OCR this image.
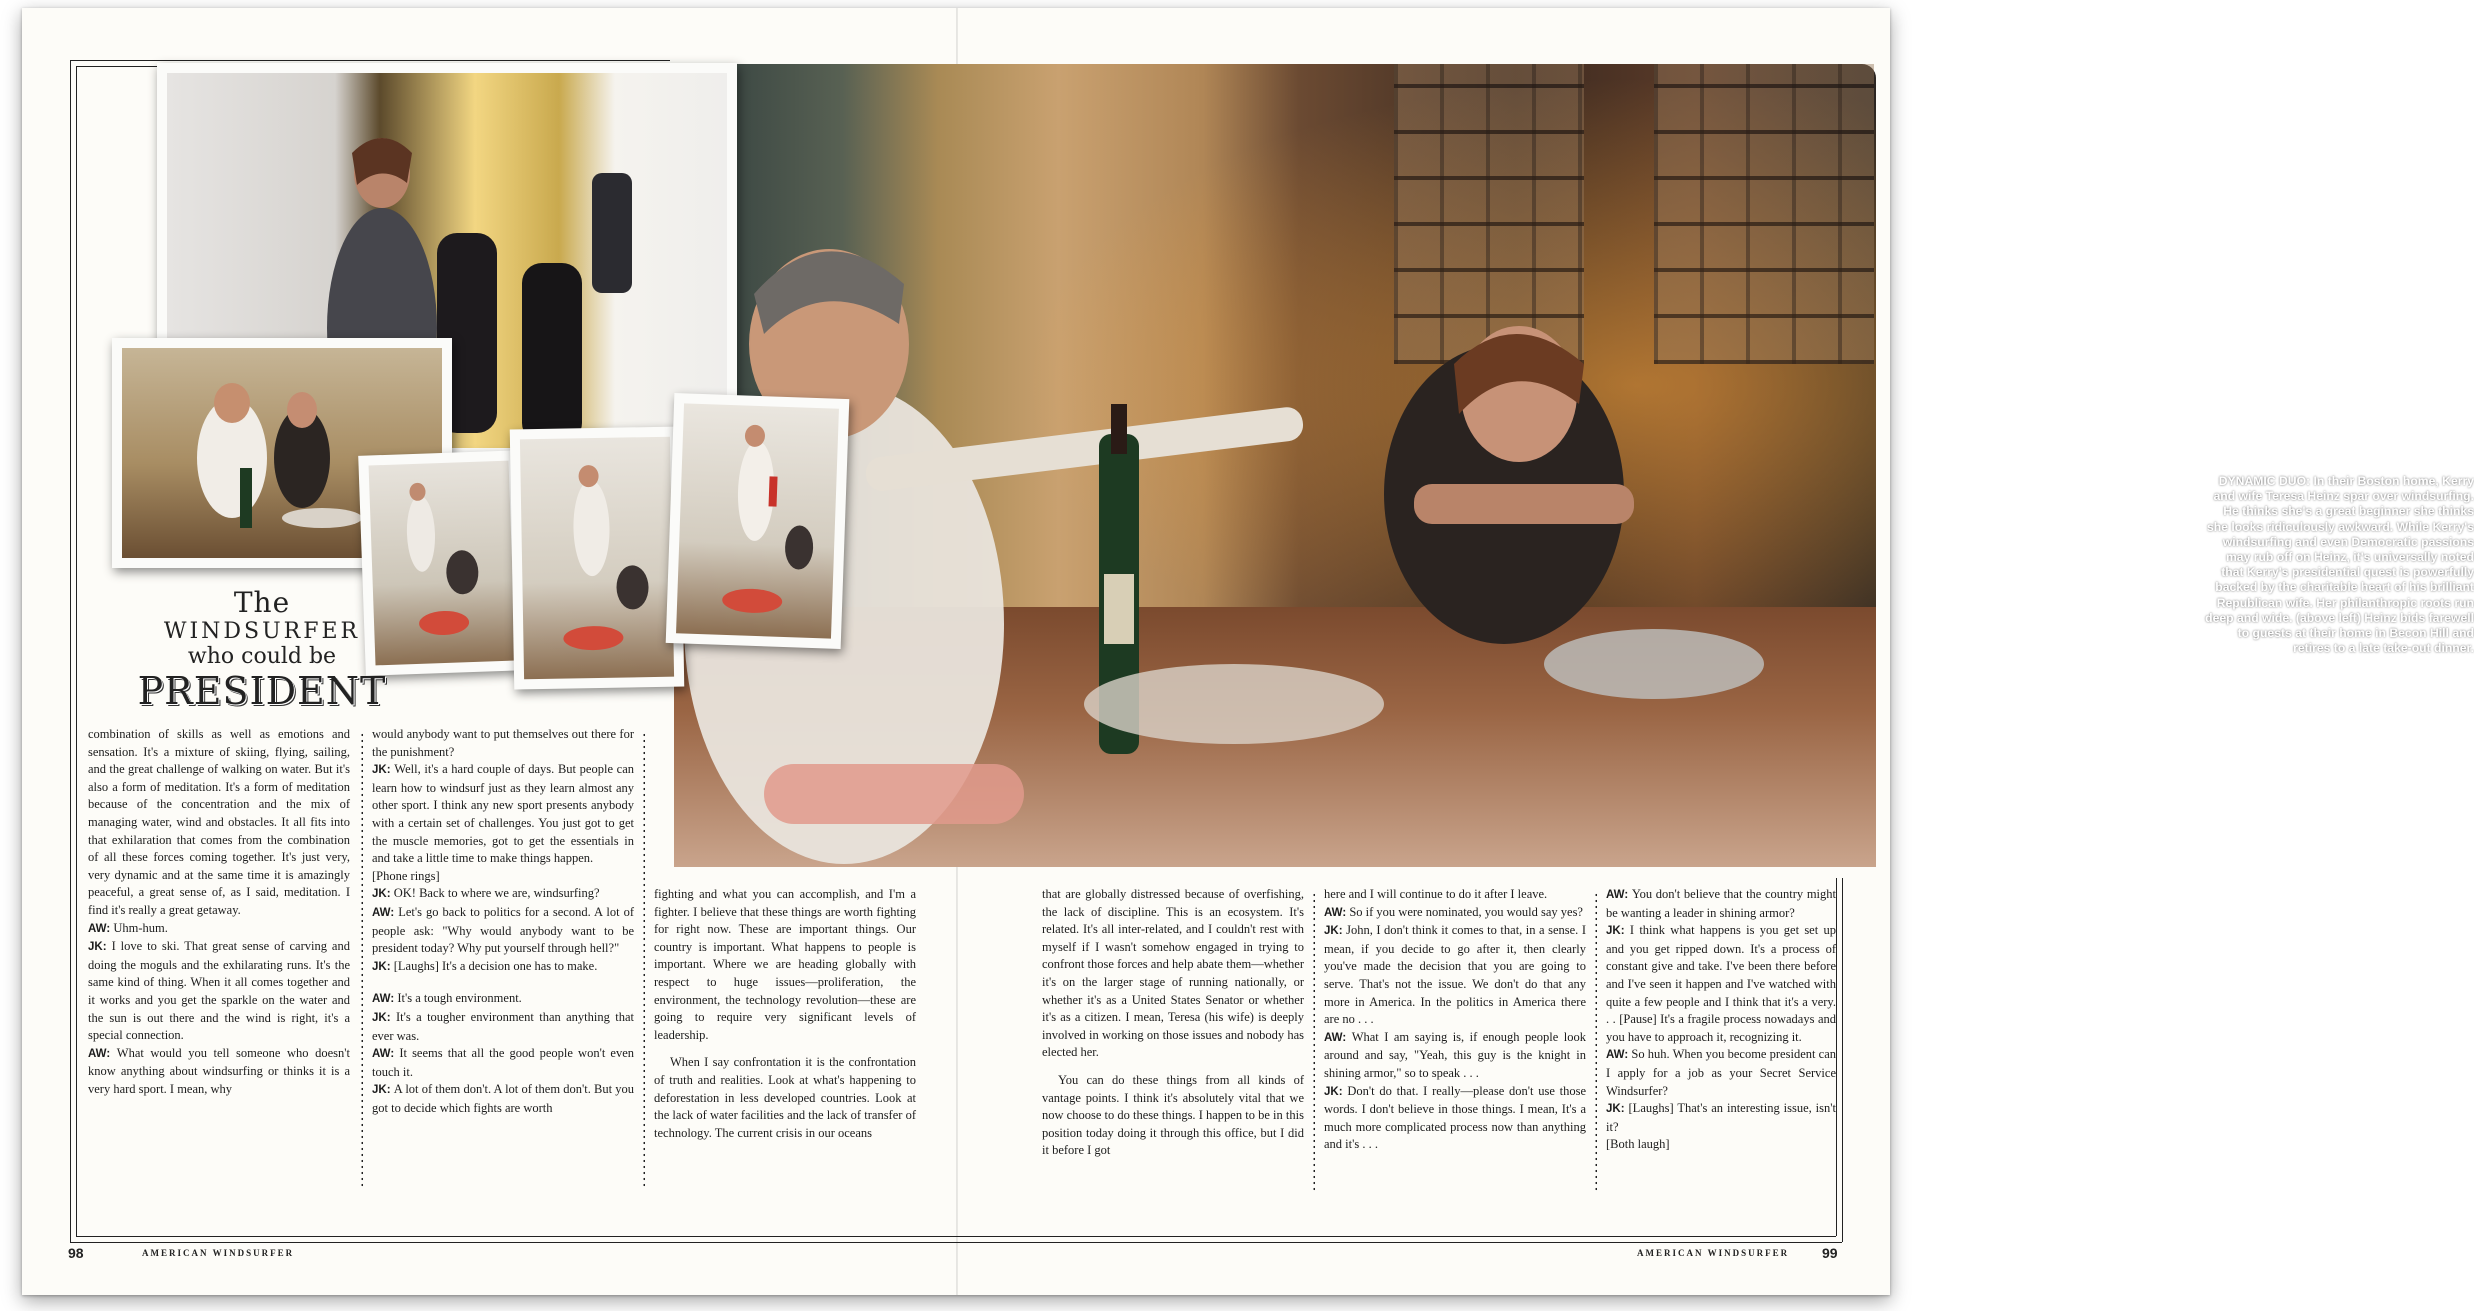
DYNAMIC DUO: In their Boston home, Kerry and wife Teresa Heinz spar over windsurfing. He thinks she's a great beginner she thinks she looks ridiculously awkward. While Kerry's windsurfing and even Democratic passions may rub off on Heinz, it's universally noted that Kerry's presidential quest is powerfully backed by the charitable heart of his brilliant Republican wife. Her philanthropic roots run deep and wide. (above left) Heinz bids farewell to guests at their home in Becon Hill and retires to a late take-out dinner.
The
WINDSURFER
who could be
PRESIDENT

combination of skills as well as emotions and sensation. It's a mixture of skiing, flying, sailing, and the great challenge of walking on water. But it's also a form of meditation. It's a form of meditation because of the concentration and the mix of managing water, wind and obstacles. It all fits into that exhilaration that comes from the combination of all these forces coming together. It's just very, very dynamic and at the same time it is amazingly peaceful, a great sense of, as I said, meditation. I find it's really a great getaway.

AW: Uhm-hum.

JK: I love to ski. That great sense of carving and doing the moguls and the exhilarating runs. It's the same kind of thing. When it all comes together and it works and you get the sparkle on the water and the sun is out there and the wind is right, it's a special connection.

AW: What would you tell someone who doesn't know anything about windsurfing or thinks it is a very hard sport. I mean, why

would anybody want to put themselves out there for the punishment?

JK: Well, it's a hard couple of days. But people can learn how to windsurf just as they learn almost any other sport. I think any new sport presents anybody with a certain set of challenges. You just got to get the muscle memories, got to get the essentials in and take a little time to make things happen.

[Phone rings]

JK: OK! Back to where we are, windsurfing?

AW: Let's go back to politics for a second. A lot of people ask: "Why would anybody want to be president today? Why put yourself through hell?"

JK: [Laughs] It's a decision one has to make.

AW: It's a tough environment.

JK: It's a tougher environment than anything that ever was.

AW: It seems that all the good people won't even touch it.

JK: A lot of them don't. A lot of them don't. But you got to decide which fights are worth

fighting and what you can accomplish, and I'm a fighter. I believe that these things are worth fighting for right now. These are important things. Our country is important. What happens to people is important. Where we are heading globally with respect to huge issues—proliferation, the environment, the technology revolution—these are going to require very significant levels of leadership.

When I say confrontation it is the confrontation of truth and realities. Look at what's happening to deforestation in less developed countries. Look at the lack of water facilities and the lack of transfer of technology. The current crisis in our oceans

that are globally distressed because of overfishing, the lack of discipline. This is an ecosystem. It's related. It's all inter-related, and I couldn't rest with myself if I wasn't somehow engaged in trying to confront those forces and help abate them—whether it's on the larger stage of running nationally, or whether it's as a United States Senator or whether it's as a citizen. I mean, Teresa (his wife) is deeply involved in working on those issues and nobody has elected her.

You can do these things from all kinds of vantage points. I think it's absolutely vital that we now choose to do these things. I happen to be in this position today doing it through this office, but I did it before I got

here and I will continue to do it after I leave.

AW: So if you were nominated, you would say yes?

JK: John, I don't think it comes to that, in a sense. I mean, if you decide to go after it, then clearly you've made the decision that you are going to serve. That's not the issue. We don't do that any more in America. In the politics in America there are no . . .

AW: What I am saying is, if enough people look around and say, "Yeah, this guy is the knight in shining armor," so to speak . . .

JK: Don't do that. I really—please don't use those words. I don't believe in those things. I mean, It's a much more complicated process now than anything and it's . . .

AW: You don't believe that the country might be wanting a leader in shining armor?

JK: I think what happens is you get set up and you get ripped down. It's a process of constant give and take. I've been there before and I've seen it happen and I've watched with quite a few people and I think that it's a very. . . [Pause] It's a fragile process nowadays and you have to approach it, recognizing it.

AW: So huh. When you become president can I apply for a job as your Secret Service Windsurfer?

JK: [Laughs] That's an interesting issue, isn't it?

[Both laugh]

98	AMERICAN WINDSURFER	AMERICAN WINDSURFER 99
